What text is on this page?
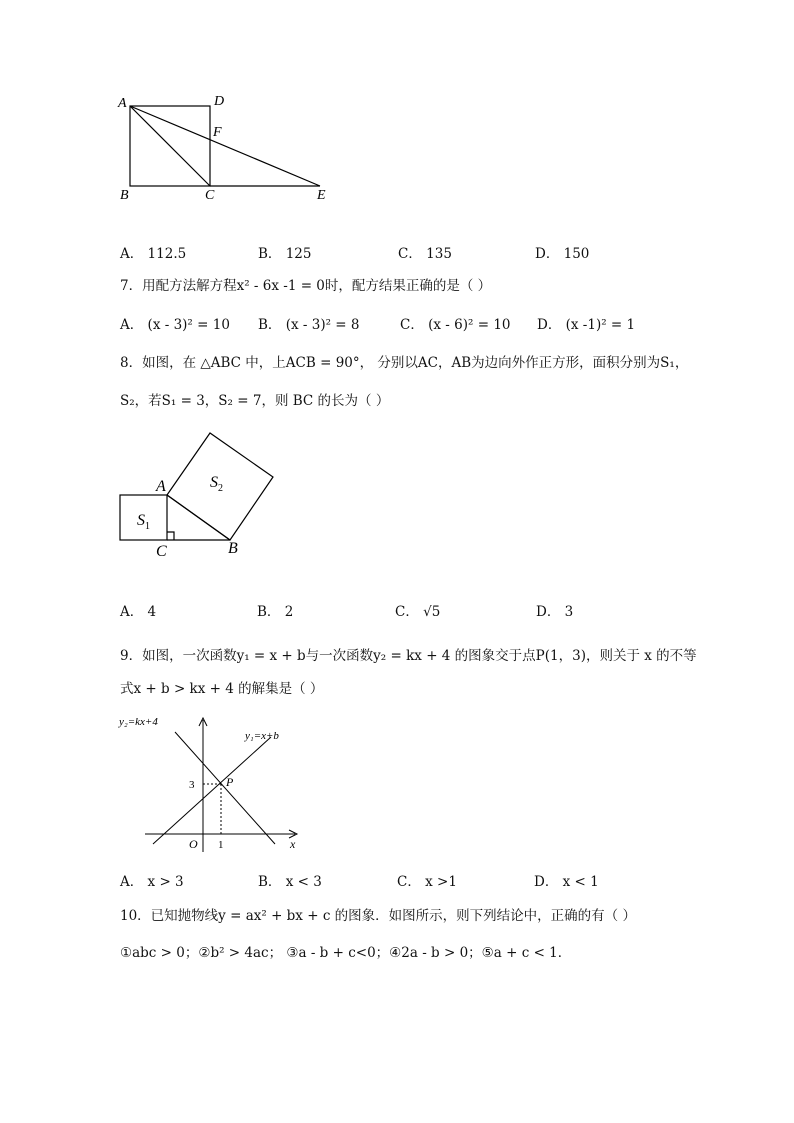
A	D
F
B	C	E
A． 112.5	B． 125	C． 135	D． 150
7．用配方法解方程x² - 6x -1 = 0时，配方结果正确的是（ ）
A． (x - 3)² = 10 B． (x - 3)² = 8	C． (x - 6)² = 10 D． (x -1)² = 1
8．如图，在 △ABC 中，上ACB = 90°， 分别以AC，AB为边向外作正方形，面积分别为S₁，
S₂，若S₁ = 3，S₂ = 7，则 BC 的长为（ ）
$S_1$
$S_2$
A
B
C
A． 4	B． 2	C． √5	D． 3
9．如图，一次函数y₁ = x + b与一次函数y₂ = kx + 4 的图象交于点P(1，3)，则关于 x 的不等
式x + b > kx + 4 的解集是（ ）
y₂=kx+4
y₁=x+b
P
3
O 1	x
A． x > 3	B． x < 3	C． x >1	D． x < 1
10．已知抛物线y = ax² + bx + c 的图象．如图所示，则下列结论中，正确的有（ ）
①abc > 0；②b² > 4ac； ③a - b + c<0；④2a - b > 0；⑤a + c < 1．
